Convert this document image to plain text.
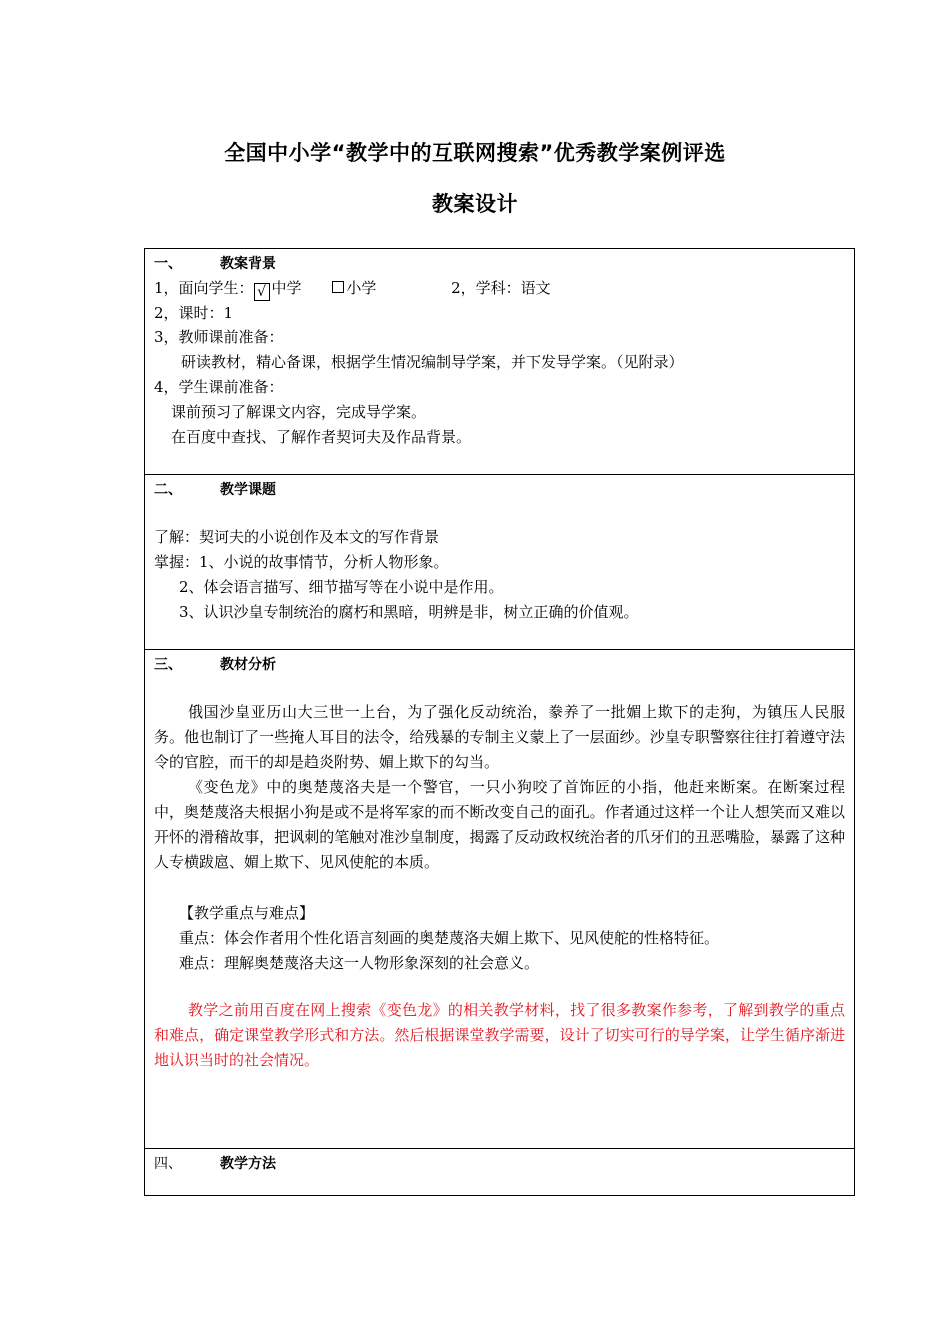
全国中小学“教学中的互联网搜索”优秀教学案例评选
教案设计
一、	教案背景
1，面向学生： √ 中学	小学	2，学科：语文
2，课时：1
3，教师课前准备：
研读教材，精心备课，根据学生情况编制导学案，并下发导学案。（见附录）
4，学生课前准备：
课前预习了解课文内容，完成导学案。
在百度中查找、了解作者契诃夫及作品背景。
二、	教学课题
了解：契诃夫的小说创作及本文的写作背景
掌握：1、小说的故事情节，分析人物形象。
2、体会语言描写、细节描写等在小说中是作用。
3、认识沙皇专制统治的腐朽和黑暗，明辨是非，树立正确的价值观。
三、	教材分析
俄国沙皇亚历山大三世一上台，为了强化反动统治，豢养了一批媚上欺下的走狗，为镇压人民服务。他也制订了一些掩人耳目的法令，给残暴的专制主义蒙上了一层面纱。沙皇专职警察往往打着遵守法令的官腔，而干的却是趋炎附势、媚上欺下的勾当。
《变色龙》中的奥楚蔑洛夫是一个警官，一只小狗咬了首饰匠的小指，他赶来断案。在断案过程中，奥楚蔑洛夫根据小狗是或不是将军家的而不断改变自己的面孔。作者通过这样一个让人想笑而又难以开怀的滑稽故事，把讽刺的笔触对准沙皇制度，揭露了反动政权统治者的爪牙们的丑恶嘴脸，暴露了这种人专横跋扈、媚上欺下、见风使舵的本质。
【教学重点与难点】
重点：体会作者用个性化语言刻画的奥楚蔑洛夫媚上欺下、见风使舵的性格特征。
难点：理解奥楚蔑洛夫这一人物形象深刻的社会意义。
教学之前用百度在网上搜索《变色龙》的相关教学材料，找了很多教案作参考，了解到教学的重点和难点，确定课堂教学形式和方法。然后根据课堂教学需要，设计了切实可行的导学案，让学生循序渐进地认识当时的社会情况。
四、	教学方法
